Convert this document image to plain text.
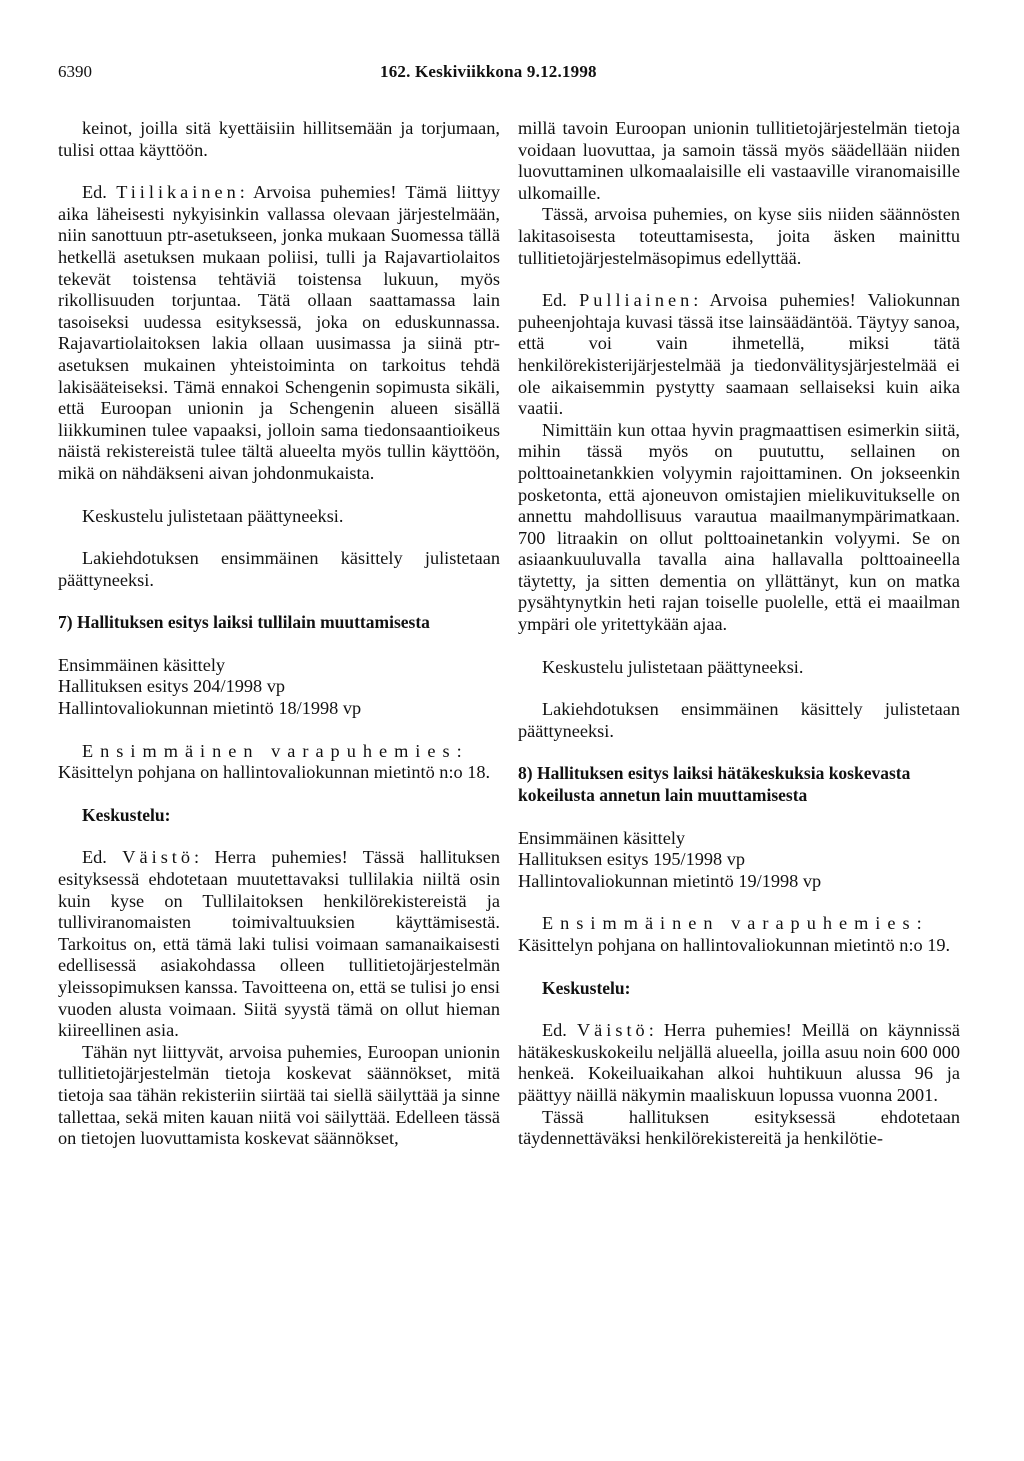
6390	162. Keskiviikkona 9.12.1998

keinot, joilla sitä kyettäisiin hillitsemään ja torjumaan, tulisi ottaa käyttöön.

Ed. Tiilikainen: Arvoisa puhemies! Tämä liittyy aika läheisesti nykyisinkin vallassa olevaan järjestelmään, niin sanottuun ptr-asetukseen, jonka mukaan Suomessa tällä hetkellä asetuksen mukaan poliisi, tulli ja Rajavartiolaitos tekevät toistensa tehtäviä toistensa lukuun, myös rikollisuuden torjuntaa. Tätä ollaan saattamassa lain tasoiseksi uudessa esityksessä, joka on eduskunnassa. Rajavartiolaitoksen lakia ollaan uusimassa ja siinä ptr-asetuksen mukainen yhteistoiminta on tarkoitus tehdä lakisääteiseksi. Tämä ennakoi Schengenin sopimusta sikäli, että Euroopan unionin ja Schengenin alueen sisällä liikkuminen tulee vapaaksi, jolloin sama tiedonsaantioikeus näistä rekistereistä tulee tältä alueelta myös tullin käyttöön, mikä on nähdäkseni aivan johdonmukaista.

Keskustelu julistetaan päättyneeksi.

Lakiehdotuksen ensimmäinen käsittely julistetaan päättyneeksi.

7) Hallituksen esitys laiksi tullilain muuttamisesta

Ensimmäinen käsittely

Hallituksen esitys 204/1998 vp

Hallintovaliokunnan mietintö 18/1998 vp

Ensimmäinen varapuhemies:

Käsittelyn pohjana on hallintovaliokunnan mietintö n:o 18.

Keskustelu:

Ed. Väistö: Herra puhemies! Tässä hallituksen esityksessä ehdotetaan muutettavaksi tullilakia niiltä osin kuin kyse on Tullilaitoksen henkilörekistereistä ja tulliviranomaisten toimivaltuuksien käyttämisestä. Tarkoitus on, että tämä laki tulisi voimaan samanaikaisesti edellisessä asiakohdassa olleen tullitietojärjestelmän yleissopimuksen kanssa. Tavoitteena on, että se tulisi jo ensi vuoden alusta voimaan. Siitä syystä tämä on ollut hieman kiireellinen asia.

Tähän nyt liittyvät, arvoisa puhemies, Euroopan unionin tullitietojärjestelmän tietoja koskevat säännökset, mitä tietoja saa tähän rekisteriin siirtää tai siellä säilyttää ja sinne tallettaa, sekä miten kauan niitä voi säilyttää. Edelleen tässä on tietojen luovuttamista koskevat säännökset,

millä tavoin Euroopan unionin tullitietojärjestelmän tietoja voidaan luovuttaa, ja samoin tässä myös säädellään niiden luovuttaminen ulkomaalaisille eli vastaaville viranomaisille ulkomaille.

Tässä, arvoisa puhemies, on kyse siis niiden säännösten lakitasoisesta toteuttamisesta, joita äsken mainittu tullitietojärjestelmäsopimus edellyttää.

Ed. Pulliainen: Arvoisa puhemies! Valiokunnan puheenjohtaja kuvasi tässä itse lainsäädäntöä. Täytyy sanoa, että voi vain ihmetellä, miksi tätä henkilörekisterijärjestelmää ja tiedonvälitysjärjestelmää ei ole aikaisemmin pystytty saamaan sellaiseksi kuin aika vaatii.

Nimittäin kun ottaa hyvin pragmaattisen esimerkin siitä, mihin tässä myös on puututtu, sellainen on polttoainetankkien volyymin rajoittaminen. On jokseenkin posketonta, että ajoneuvon omistajien mielikuvitukselle on annettu mahdollisuus varautua maailmanympärimatkaan. 700 litraakin on ollut polttoainetankin volyymi. Se on asiaankuuluvalla tavalla aina hallavalla polttoaineella täytetty, ja sitten dementia on yllättänyt, kun on matka pysähtynytkin heti rajan toiselle puolelle, että ei maailman ympäri ole yritettykään ajaa.

Keskustelu julistetaan päättyneeksi.

Lakiehdotuksen ensimmäinen käsittely julistetaan päättyneeksi.

8) Hallituksen esitys laiksi hätäkeskuksia koskevasta kokeilusta annetun lain muuttamisesta

Ensimmäinen käsittely

Hallituksen esitys 195/1998 vp

Hallintovaliokunnan mietintö 19/1998 vp

Ensimmäinen varapuhemies:

Käsittelyn pohjana on hallintovaliokunnan mietintö n:o 19.

Keskustelu:

Ed. Väistö: Herra puhemies! Meillä on käynnissä hätäkeskuskokeilu neljällä alueella, joilla asuu noin 600 000 henkeä. Kokeiluaikahan alkoi huhtikuun alussa 96 ja päättyy näillä näkymin maaliskuun lopussa vuonna 2001.

Tässä hallituksen esityksessä ehdotetaan täydennettäväksi henkilörekistereitä ja henkilötie-
